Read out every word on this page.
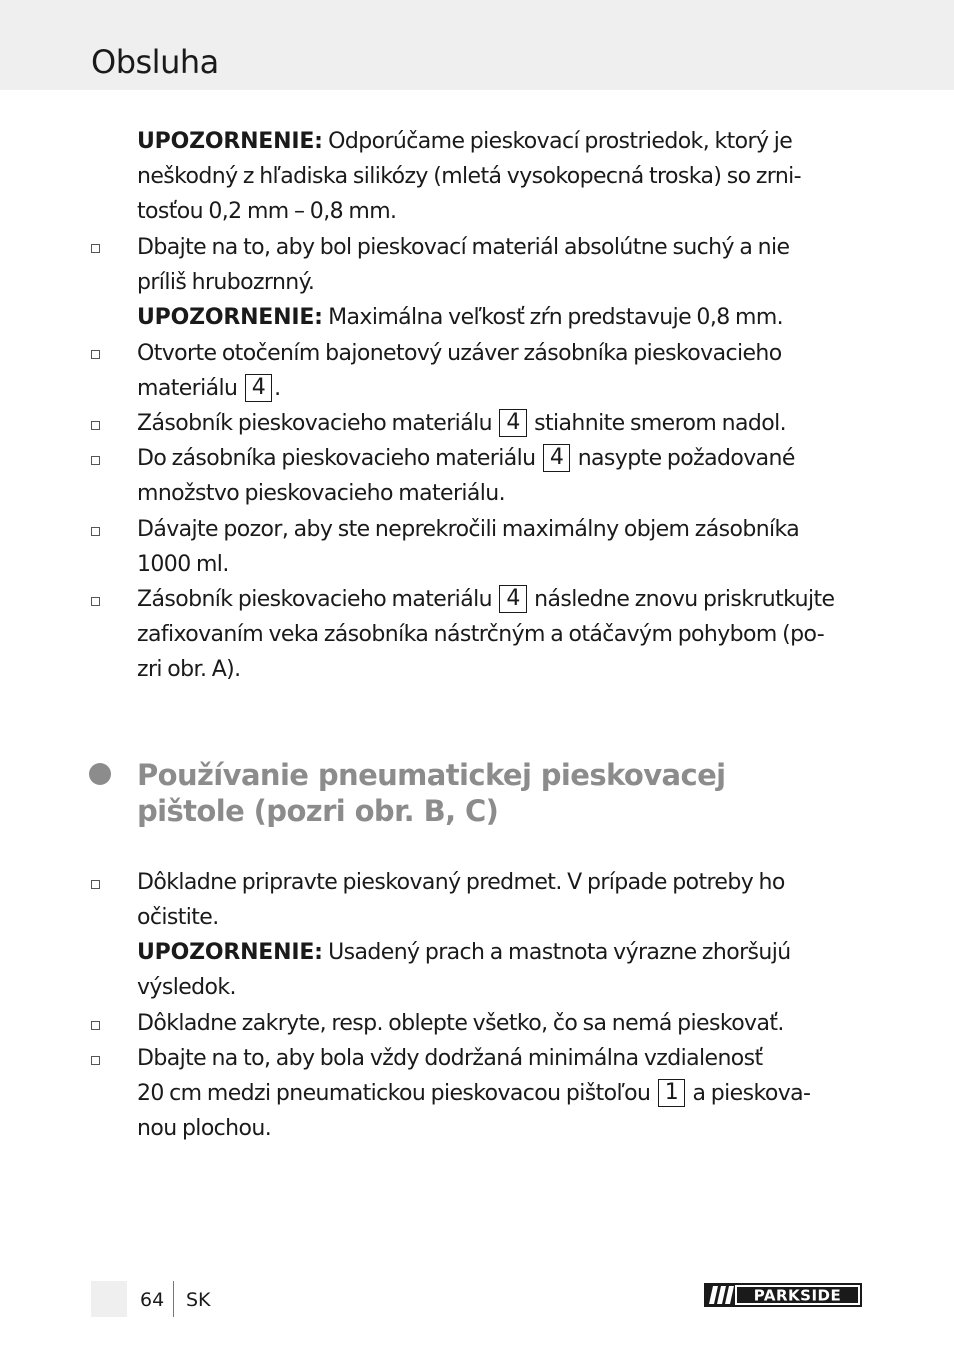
Obsluha
UPOZORNENIE: Odporúčame pieskovací prostriedok, ktorý je
neškodný z hľadiska silikózy (mletá vysokopecná troska) so zrni-
tosťou 0,2 mm – 0,8 mm.
Dbajte na to, aby bol pieskovací materiál absolútne suchý a nie
príliš hrubozrnný.
UPOZORNENIE: Maximálna veľkosť zŕn predstavuje 0,8 mm.
Otvorte otočením bajonetový uzáver zásobníka pieskovacieho
materiálu 4 .
Zásobník pieskovacieho materiálu 4 stiahnite smerom nadol.
Do zásobníka pieskovacieho materiálu 4 nasypte požadované
množstvo pieskovacieho materiálu.
Dávajte pozor, aby ste neprekročili maximálny objem zásobníka
1000 ml.
Zásobník pieskovacieho materiálu 4 následne znovu priskrutkujte
zafixovaním veka zásobníka nástrčným a otáčavým pohybom (po-
zri obr. A).
Používanie pneumatickej pieskovacej
pištole (pozri obr. B, C)
Dôkladne pripravte pieskovaný predmet. V prípade potreby ho
očistite.
UPOZORNENIE: Usadený prach a mastnota výrazne zhoršujú
výsledok.
Dôkladne zakryte, resp. oblepte všetko, čo sa nemá pieskovať.
Dbajte na to, aby bola vždy dodržaná minimálna vzdialenosť
20 cm medzi pneumatickou pieskovacou pištoľou 1 a pieskova-
nou plochou.
64 SK	PARKSIDE
